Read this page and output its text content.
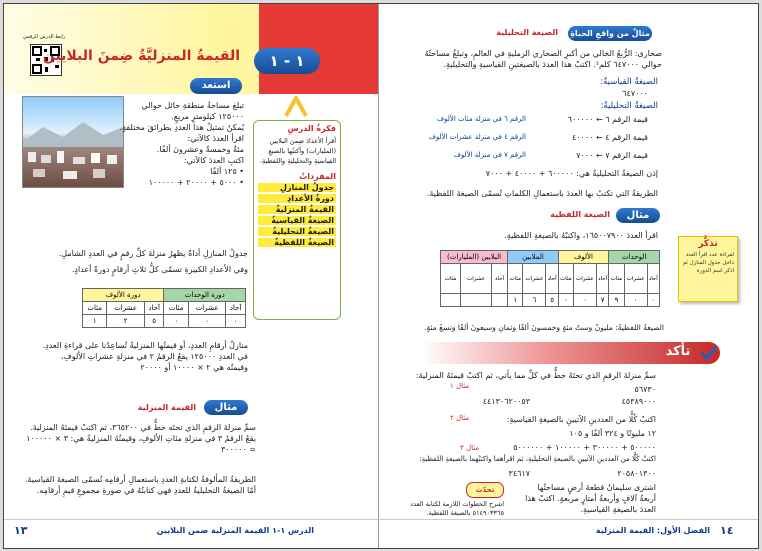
رابط الدرس الرقمي
القيمةُ المنزليَّةُ ضِمنَ البلايين	١ - ١
استعد
تبلغ مساحةُ منطقةِ حائل حوالي
١٢٥٠٠٠ كيلومترٍ مربعٍ.
يُمكنُ تمثيلُ هذا العددِ بطرائقَ مختلفةٍ.
اقرأ العددَ كالآتي:
مئةٌ وخمسةٌ وعشرونَ ألفًا.
اكتبِ العددَ كالآتي:
• ١٢٥ ألفًا
• ٥٠٠٠ + ٢٠٠٠٠ + ١٠٠٠٠٠
فكرةُ الدرسِ
أقرأ الأعدادَ ضِمنَ البلايين (المليارات) وأكتبُها بالصيغِ القياسيةِ والتحليليةِ واللفظيةِ.
المفرداتُ
جدولُ المنازلِ
دورةُ الأعدادِ
القيمةُ المنزليةُ
الصيغةُ القياسيةُ
الصيغةُ التحليليةُ
الصيغةُ اللفظيةُ
جدولُ المنازلِ أداةٌ يظهرُ منزلةَ كلِّ رقمٍ في العددِ الشاملِ.
وفي الأعدادِ الكبيرةِ تسمّى كلُّ ثلاثِ أرقامٍ دورةً أعدادٍ.
دورة الألوف			دورة الوحدات		
مئات	عشرات	آحاد	مئات	عشرات	آحاد
١	٢	٥	٠	٠	٠
منازلُ أرقامِ العددِ، أو قيمتُها المنزليةُ تُساعِدُنا على قراءةِ العددِ.
في العددِ ١٢٥٠٠٠ يقعُ الرقمُ ٢ في منزلةِ عشراتِ الألوفِ،
وقيمتُه هي ٢ × ١٠٠٠٠ أو ٢٠٠٠٠
مثال
القيمة المنزلية
سمِّ منزلةَ الرقمِ الذي تحتَه خطٌّ في ٣٦٥٢٠٠، ثم اكتبْ قيمتَهُ المنزليةَ.
يقعُ الرقمُ ٣ في منزلةِ مئاتِ الألوفِ، وقيمتُهُ المنزليةُ هي: ٣ × ١٠٠٠٠٠ = ٣٠٠٠٠٠
الطريقةُ المألوفةُ لكتابةِ العددِ باستعمالِ أرقامِه تُسمّى الصيغةَ القياسيةَ.
أمّا الصيغةُ التحليليةُ للعددِ فهي كتابتُهُ في صورةِ مجموعِ قيمِ أرقامِه.
الدرس ١-١ القيمة المنزلية ضمن البلايين
١٣
مثالٌ من واقعِ الحياةِ
الصيغة التحليلية
صحارى: الرُّبعُ الخالي من أكبرِ الصحاري الرمليةِ في العالمِ، وتبلغُ مساحتُهُ
حوالي ٦٤٧٠٠٠ كلم². اكتبْ هذا العددَ بالصيغتينِ القياسيةِ والتحليليةِ.
الصيغةُ القياسيةُ:
٦٤٧٠٠٠
الصيغةُ التحليليةُ:
قيمة الرقم ٦ ← ٦٠٠٠٠٠
الرقم ٦ في منزلة مئات الألوف
قيمة الرقم ٤ ← ٤٠٠٠٠
الرقم ٤ في منزلة عشرات الألوف
قيمة الرقم ٧ ← ٧٠٠٠
الرقم ٧ في منزلة الألوف
إذن الصيغةُ التحليليةُ هي: ٦٠٠٠٠٠ + ٤٠٠٠٠ + ٧٠٠٠
الطريقةُ التي تكتبُ بها العددَ باستعمالِ الكلماتِ تُسمّى الصيغةَ اللفظيةَ.
مثال
الصيغة اللفظية
اقرأ العددَ ١٦٥٠٠٧٩٠٠، واكتبْهُ بالصيغةِ اللفظيةِ.
تذكَّر
لقراءة عدد اقرأ العدد داخل جدول المنازل ثم اذكر اسم الدورة
البلايين (المليارات)			الملايين			الألوف			الوحدات		
مئات	عشرات	آحاد	مئات	عشرات	آحاد	مئات	عشرات	آحاد	مئات	عشرات	آحاد
			١	٦	٥	٠	٠	٧	٩	٠	٠
الصيغةُ اللفظيةُ: مليونٌ وستٌ مئةٍ وخمسونَ ألفًا وثمانِ وسبعونَ ألفًا وتسعُ مئةٍ.
تأكد
سمِّ منزلةَ الرقمِ الذي تحتَهُ خطٌّ في كلِّ مما يأتي، ثم اكتبْ قيمتَهُ المنزليةَ:
مثال ١	٥٦٧٣٠
٤٥٣٨٩٠٠٠
٤٤١٣٠٦٢٠٠٥٣
اكتبْ كُلًّا من العددينِ الآتيينِ بالصيغةِ القياسيةِ:
مثال ٢
١٢ مليونًا و ٣٢٤ ألفًا و ١٠٥
٥٠٠٠٠٠ + ٣٠٠٠٠٠ + ١٠٠٠٠٠ + ٥٠٠٠٠٠٠
اكتبْ كُلًّا من العددينِ الآتيينِ بالصيغةِ التحليليةِ، ثم اقرأهما واكتبْهما بالصيغةِ اللفظيةِ:
مثال ٣
٢٠٥٨٠١٣٠٠
٣٤٦١٧
اشترى سليمانُ قطعةَ أرضٍ مساحتُها
أربعةُ آلافٍ وأربعةُ أمتارٍ مربعةٍ. اكتبْ هذا
العددَ بالصيغةِ القياسيةِ.
تحدّث
اشرح الخطوات اللازمة لكتابة العدد ٥١٤٩٠٣٣٦٥ بالصيغة اللفظية.
الفصل الأول: القيمة المنزلية ١٤
